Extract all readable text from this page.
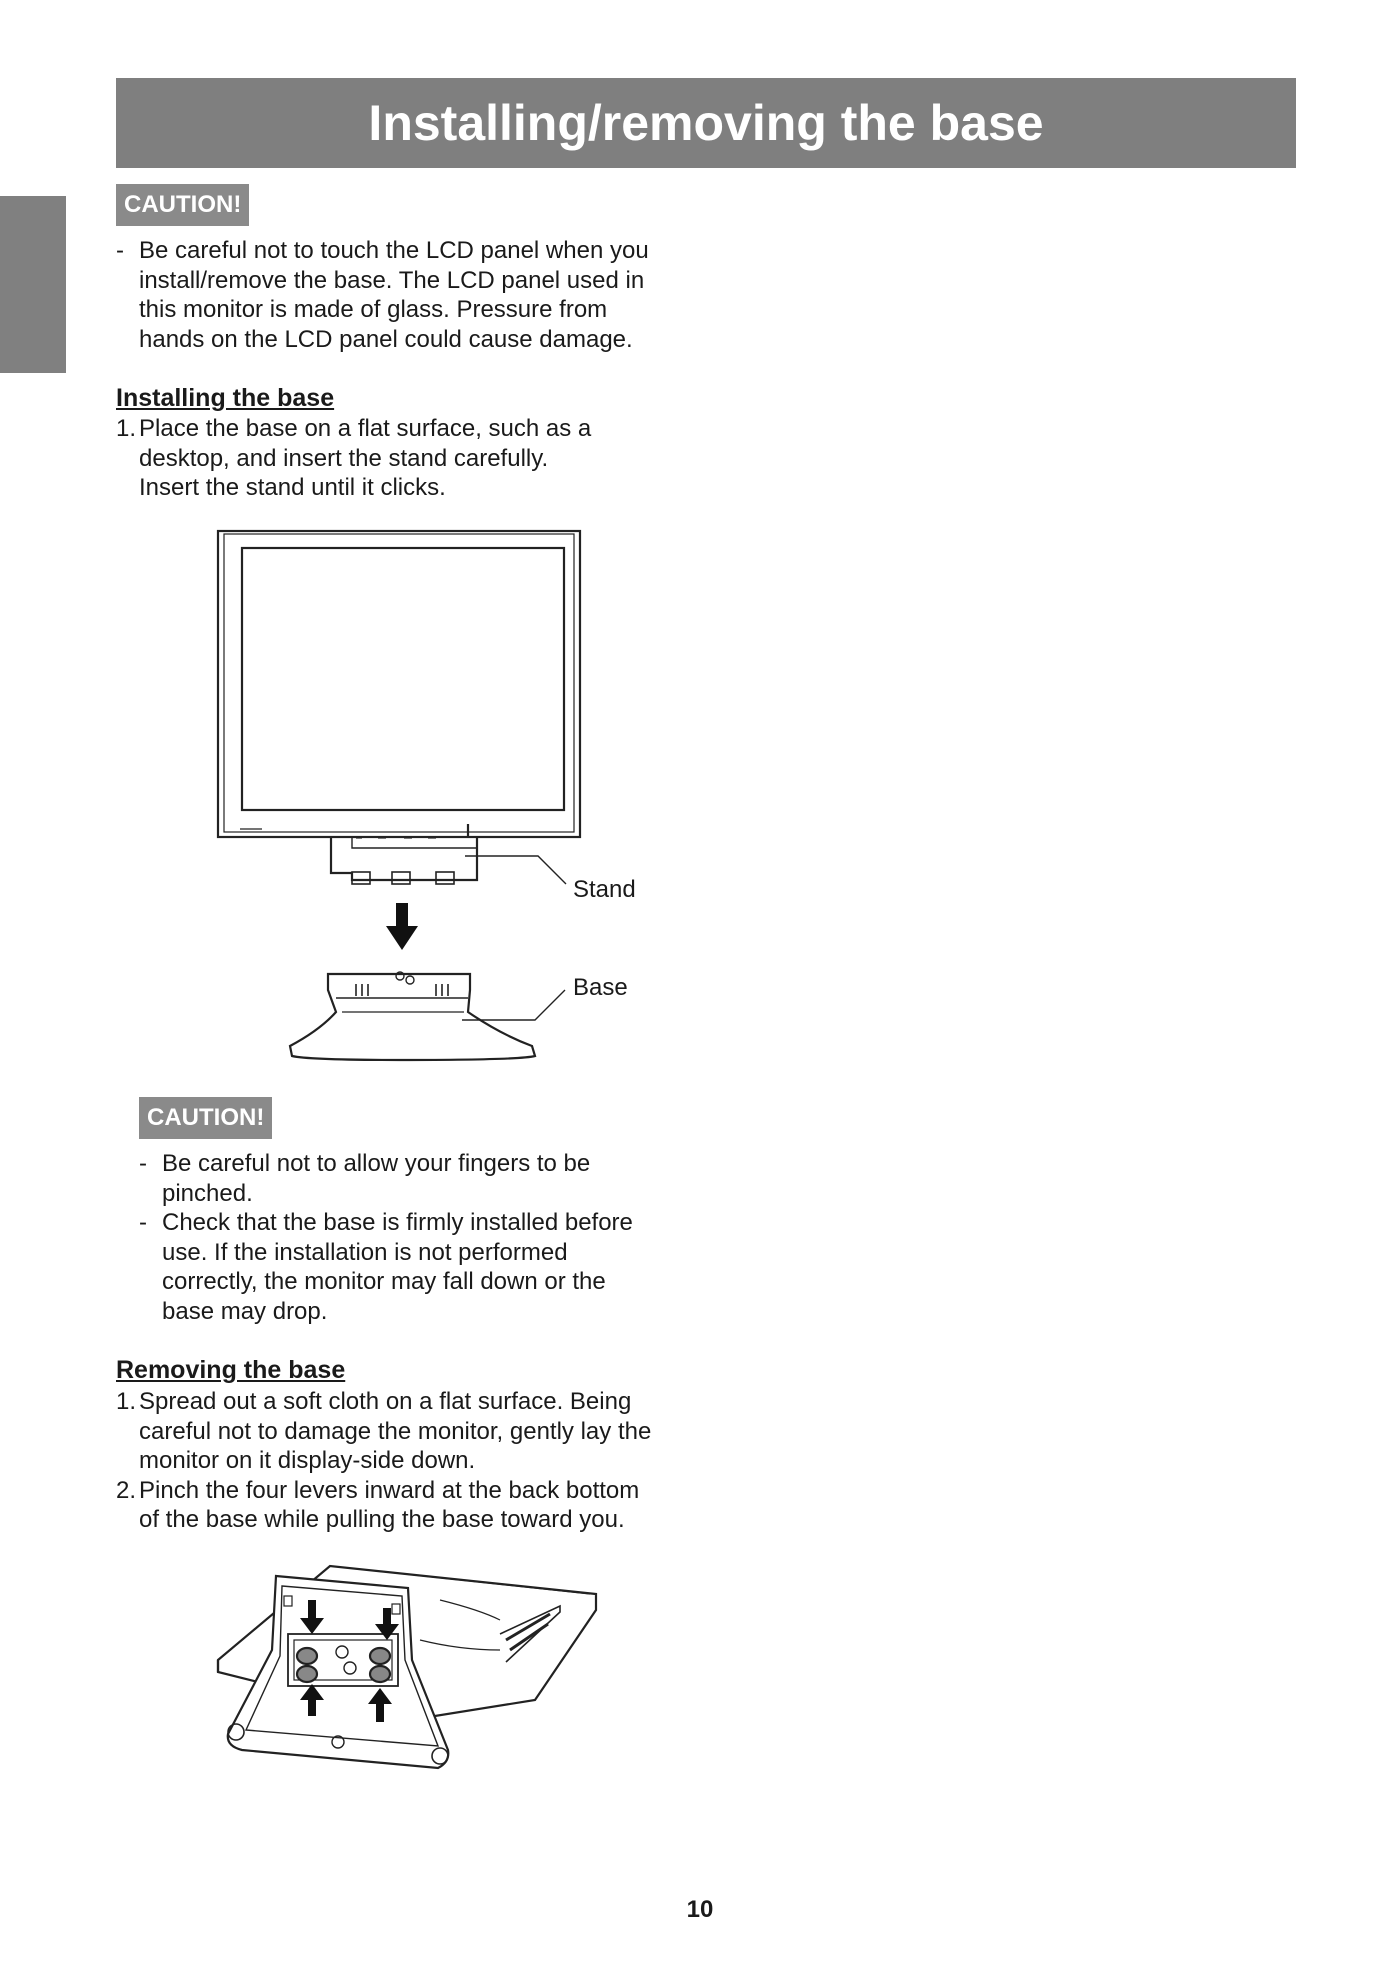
Installing/removing the base
CAUTION!
- Be careful not to touch the LCD panel when you
install/remove the base. The LCD panel used in
this monitor is made of glass. Pressure from
hands on the LCD panel could cause damage.
Installing the base
1. Place the base on a flat surface, such as a
desktop, and insert the stand carefully.
Insert the stand until it clicks.
Stand
Base
CAUTION!
- Be careful not to allow your fingers to be
pinched.
- Check that the base is firmly installed before
use. If the installation is not performed
correctly, the monitor may fall down or the
base may drop.
Removing the base
1. Spread out a soft cloth on a flat surface. Being
careful not to damage the monitor, gently lay the
monitor on it display-side down.
2. Pinch the four levers inward at the back bottom
of the base while pulling the base toward you.
10
